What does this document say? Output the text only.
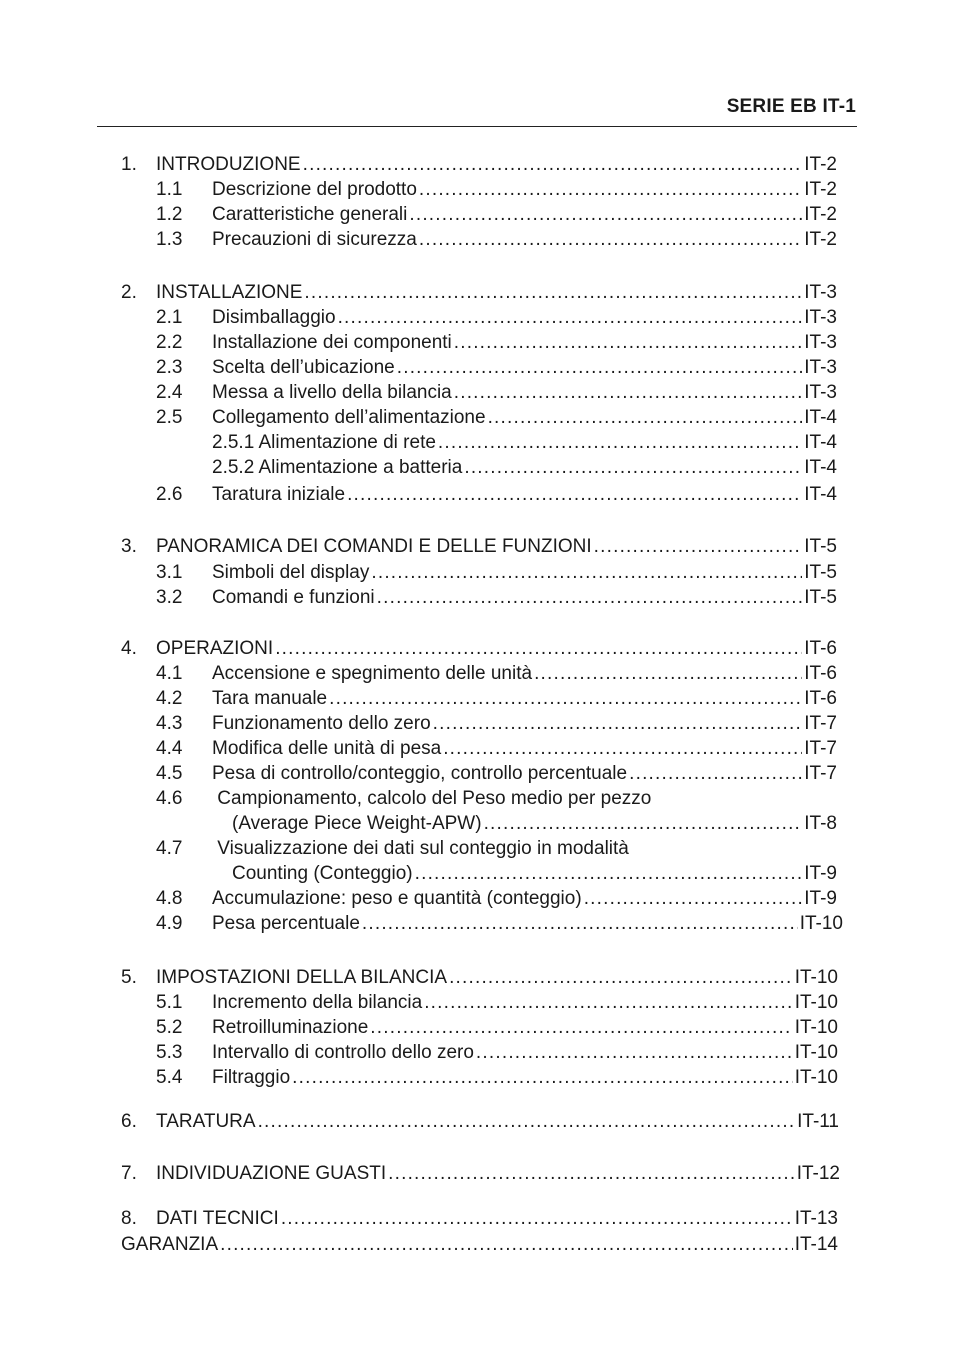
SERIE EB IT-1
1.	INTRODUZIONE .....	IT-2
1.1	Descrizione del prodotto .....	IT-2
1.2	Caratteristiche generali .....	IT-2
1.3	Precauzioni di sicurezza .....	IT-2
2.	INSTALLAZIONE .....	IT-3
2.1	Disimballaggio .....	IT-3
2.2	Installazione dei componenti .....	IT-3
2.3	Scelta dell’ubicazione .....	IT-3
2.4	Messa a livello della bilancia .....	IT-3
2.5	Collegamento dell’alimentazione .....	IT-4
2.5.1 Alimentazione di rete .....	IT-4
2.5.2 Alimentazione a batteria .....	IT-4
2.6	Taratura iniziale .....	IT-4
3.	PANORAMICA DEI COMANDI E DELLE FUNZIONI .....	IT-5
3.1	Simboli del display .....	IT-5
3.2	Comandi e funzioni .....	IT-5
4.	OPERAZIONI .....	IT-6
4.1	Accensione e spegnimento delle unità .....	IT-6
4.2	Tara manuale .....	IT-6
4.3	Funzionamento dello zero .....	IT-7
4.4	Modifica delle unità di pesa .....	IT-7
4.5	Pesa di controllo/conteggio, controllo percentuale .....	IT-7
4.6 Campionamento, calcolo del Peso medio per pezzo
(Average Piece Weight-APW) .....	IT-8
4.7 Visualizzazione dei dati sul conteggio in modalità
Counting (Conteggio) .....	IT-9
4.8	Accumulazione: peso e quantità (conteggio) .....	IT-9
4.9	Pesa percentuale .....	IT-10
5.	IMPOSTAZIONI DELLA BILANCIA .....	IT-10
5.1	Incremento della bilancia .....	IT-10
5.2	Retroilluminazione .....	IT-10
5.3	Intervallo di controllo dello zero .....	IT-10
5.4	Filtraggio .....	IT-10
6.	TARATURA .....	IT-11
7.	INDIVIDUAZIONE GUASTI .....	IT-12
8.	DATI TECNICI .....	IT-13
GARANZIA .....	IT-14
